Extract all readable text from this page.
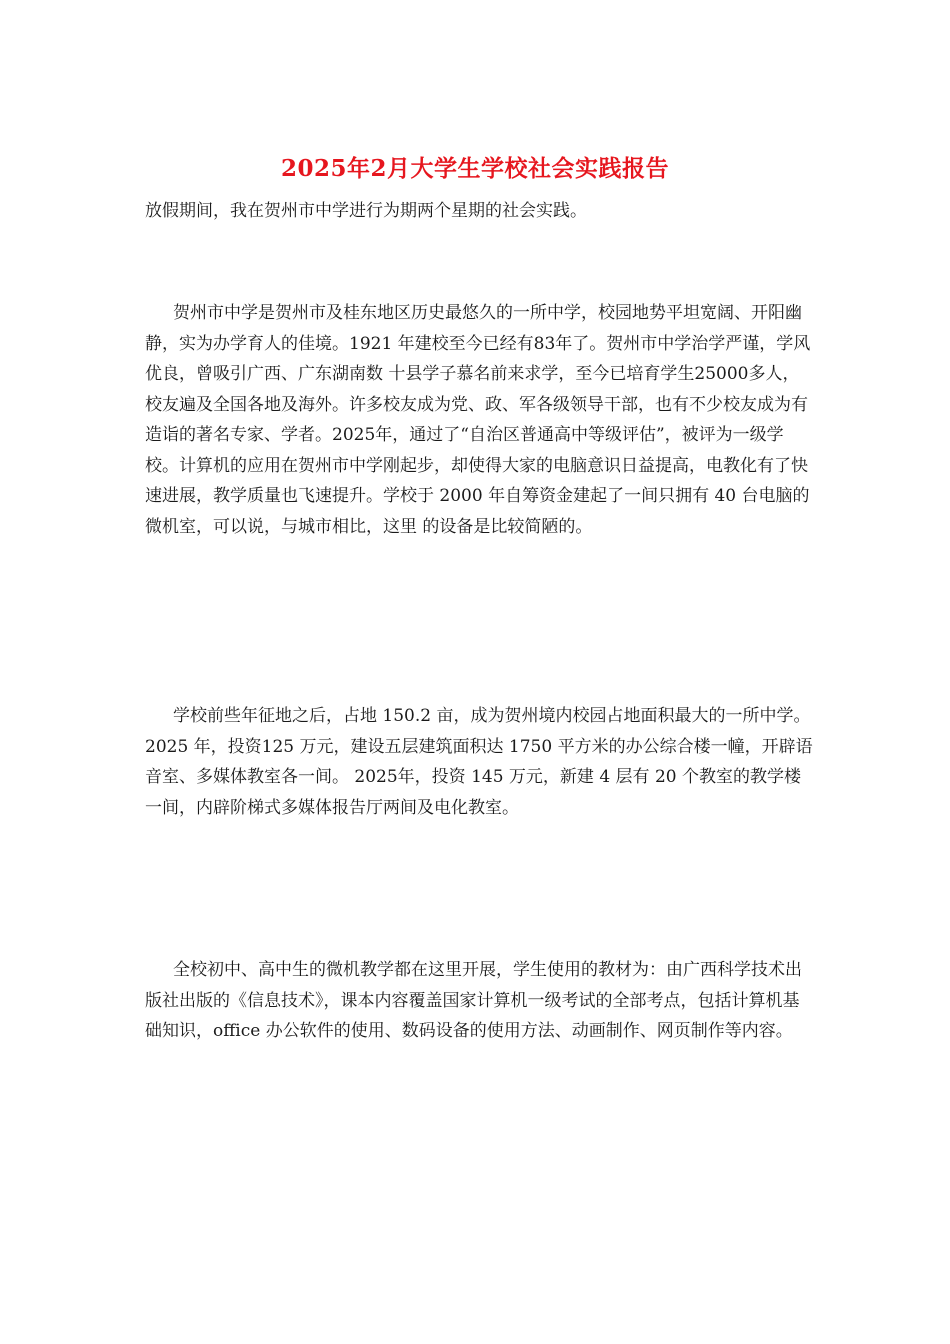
2025年2月大学生学校社会实践报告

放假期间，我在贺州市中学进行为期两个星期的社会实践。

贺州市中学是贺州市及桂东地区历史最悠久的一所中学，校园地势平坦宽阔、开阳幽静，实为办学育人的佳境。1921 年建校至今已经有83年了。贺州市中学治学严谨，学风优良，曾吸引广西、广东湖南数 十县学子慕名前来求学，至今已培育学生25000多人，校友遍及全国各地及海外。许多校友成为党、政、军各级领导干部，也有不少校友成为有造诣的著名专家、学者。2025年，通过了“自治区普通高中等级评估”，被评为一级学校。计算机的应用在贺州市中学刚起步，却使得大家的电脑意识日益提高，电教化有了快速进展，教学质量也飞速提升。学校于 2000 年自筹资金建起了一间只拥有 40 台电脑的微机室，可以说，与城市相比，这里 的设备是比较简陋的。

学校前些年征地之后，占地 150.2 亩，成为贺州境内校园占地面积最大的一所中学。 2025 年，投资125 万元，建设五层建筑面积达 1750 平方米的办公综合楼一幢，开辟语音室、多媒体教室各一间。 2025年，投资 145 万元，新建 4 层有 20 个教室的教学楼一间，内辟阶梯式多媒体报告厅两间及电化教室。

全校初中、高中生的微机教学都在这里开展，学生使用的教材为：由广西科学技术出版社出版的《信息技术》，课本内容覆盖国家计算机一级考试的全部考点，包括计算机基础知识，office 办公软件的使用、数码设备的使用方法、动画制作、网页制作等内容。
